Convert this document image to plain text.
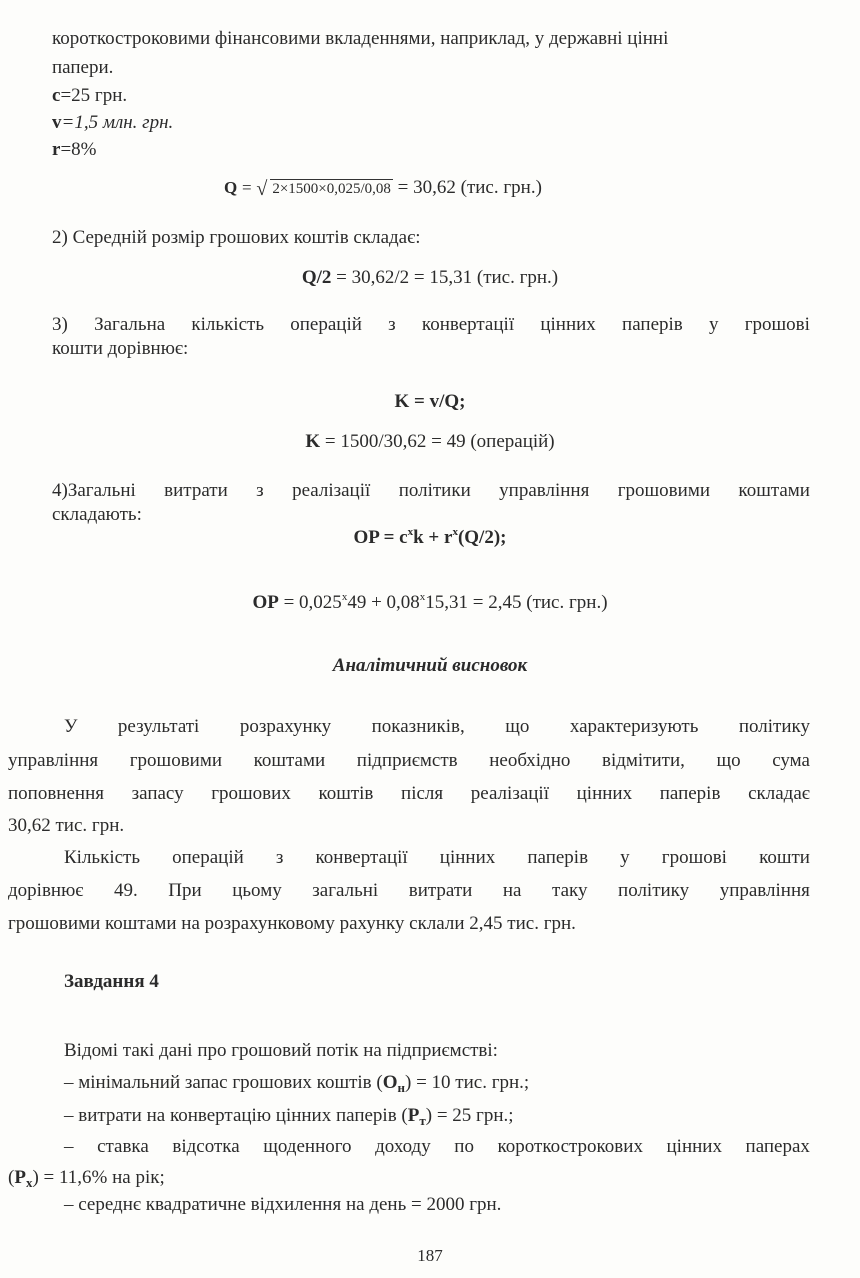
короткостроковими фінансовими вкладеннями, наприклад, у державні цінні
папери.
c=25 грн.
v=1,5 млн. грн.
r=8%
Q = √ 2×1500×0,025/0,08 = 30,62 (тис. грн.)
2) Середній розмір грошових коштів складає:
Q/2 = 30,62/2 = 15,31 (тис. грн.)
3) Загальна кількість операцій з конвертації цінних паперів у грошові
кошти дорівнює:
K = v/Q;
K = 1500/30,62 = 49 (операцій)
4)Загальні витрати з реалізації політики управління грошовими коштами
складають:
OP = $c^xk + r^x(Q/2)$;
OP = $0,025^x49 + 0,08^x15,31 = 2,45$ (тис. грн.)
Аналітичний висновок
У результаті розрахунку показників, що характеризують політику
управління грошовими коштами підприємств необхідно відмітити, що сума
поповнення запасу грошових коштів після реалізації цінних паперів складає
30,62 тис. грн.
Кількість операцій з конвертації цінних паперів у грошові кошти
дорівнює 49. При цьому загальні витрати на таку політику управління
грошовими коштами на розрахунковому рахунку склали 2,45 тис. грн.
Завдання 4
Відомі такі дані про грошовий потік на підприємстві:
– мінімальний запас грошових коштів $(О_н) = 10$ тис. грн.;
– витрати на конвертацію цінних паперів $(Р_т) = 25$ грн.;
– ставка відсотка щоденного доходу по короткострокових цінних паперах
$(Р_х) = 11,6\%$ на рік;
– середнє квадратичне відхилення на день = 2000 грн.
187
